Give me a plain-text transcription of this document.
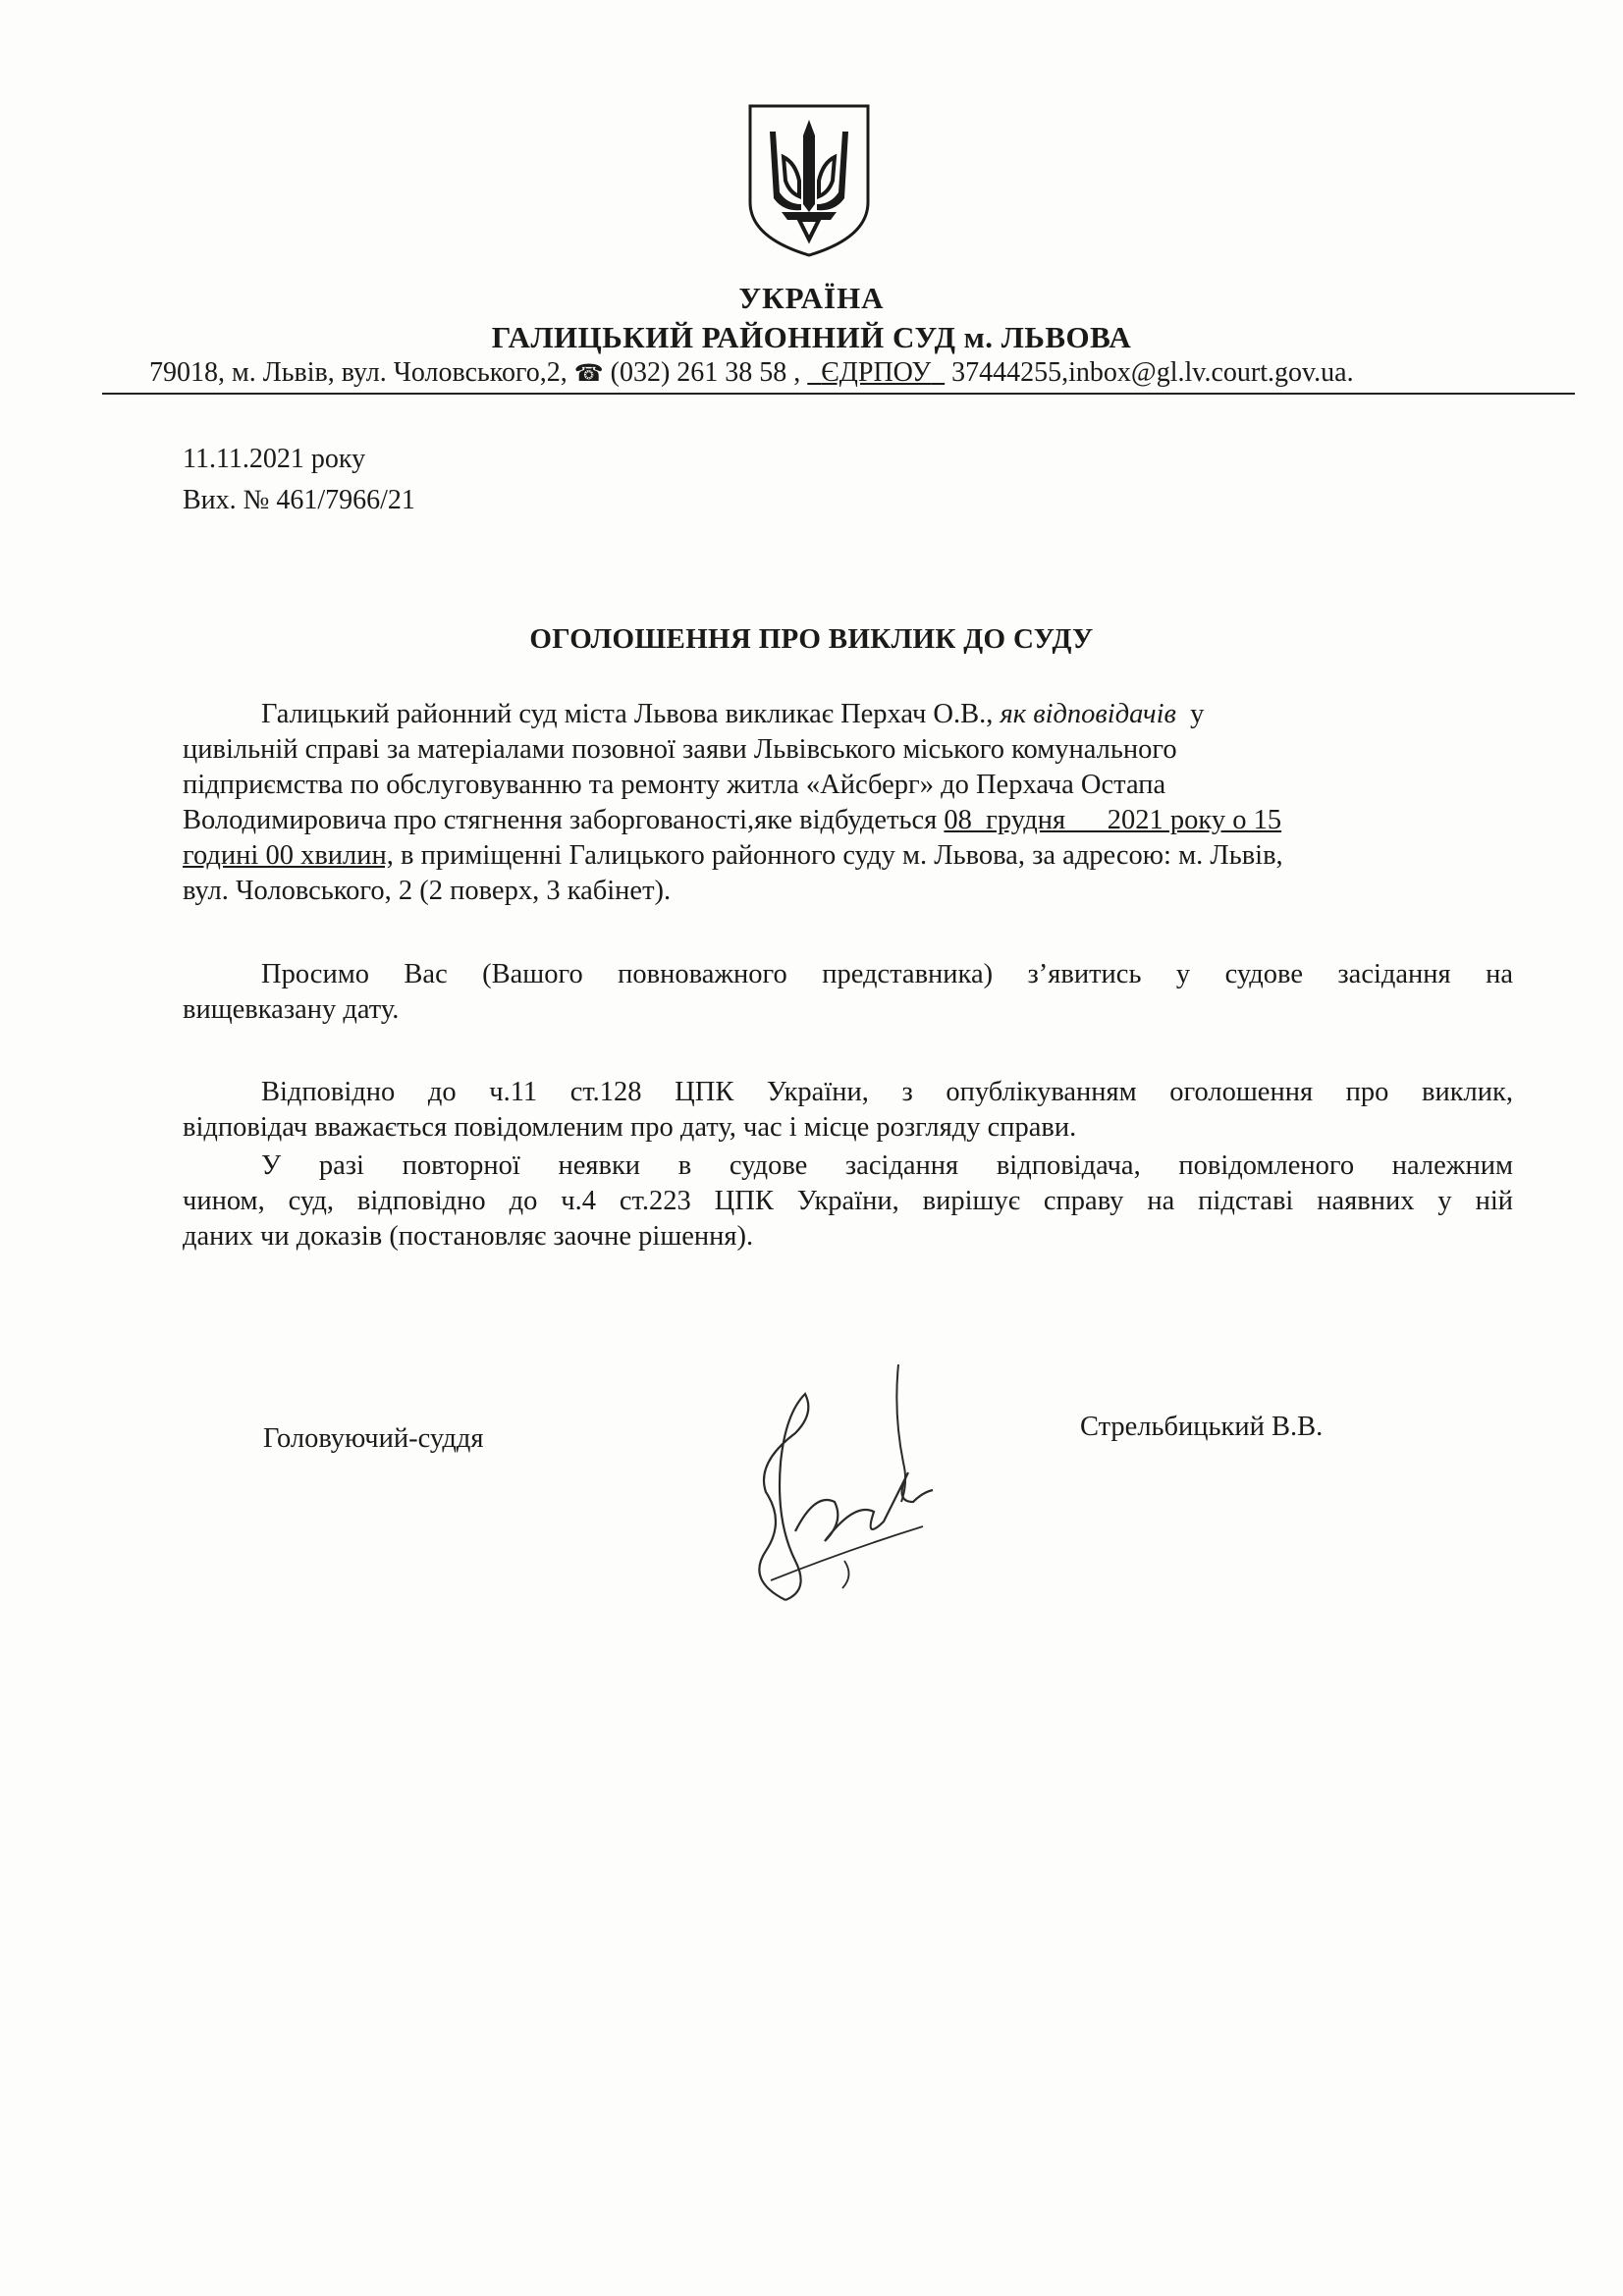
УКРАЇНА
ГАЛИЦЬКИЙ РАЙОННИЙ СУД м. ЛЬВОВА
79018, м. Львів, вул. Чоловського,2, ☎ (032) 261 38 58 , ЄДРПОУ 37444255,inbox@gl.lv.court.gov.ua.
11.11.2021 року
Вих. № 461/7966/21
ОГОЛОШЕННЯ ПРО ВИКЛИК ДО СУДУ
Галицький районний суд міста Львова викликає Перхач О.В., як відповідачів у
цивільній справі за матеріалами позовної заяви Львівського міського комунального
підприємства по обслуговуванню та ремонту житла «Айсберг» до Перхача Остапа
Володимировича про стягнення заборгованості,яке відбудеться 08  грудня      2021 року о 15
годині 00 хвилин, в приміщенні Галицького районного суду м. Львова, за адресою: м. Львів,
вул. Чоловського, 2 (2 поверх, 3 кабінет).
Просимо Вас (Вашого повноважного представника) з’явитись у судове засідання на
вищевказану дату.
Відповідно до ч.11 ст.128 ЦПК України, з опублікуванням оголошення про виклик,
відповідач вважається повідомленим про дату, час і місце розгляду справи.
У разі повторної неявки в судове засідання відповідача, повідомленого належним
чином, суд, відповідно до ч.4 ст.223 ЦПК України, вирішує справу на підставі наявних у ній
даних чи доказів (постановляє заочне рішення).
Головуючий-суддя	Стрельбицький В.В.
